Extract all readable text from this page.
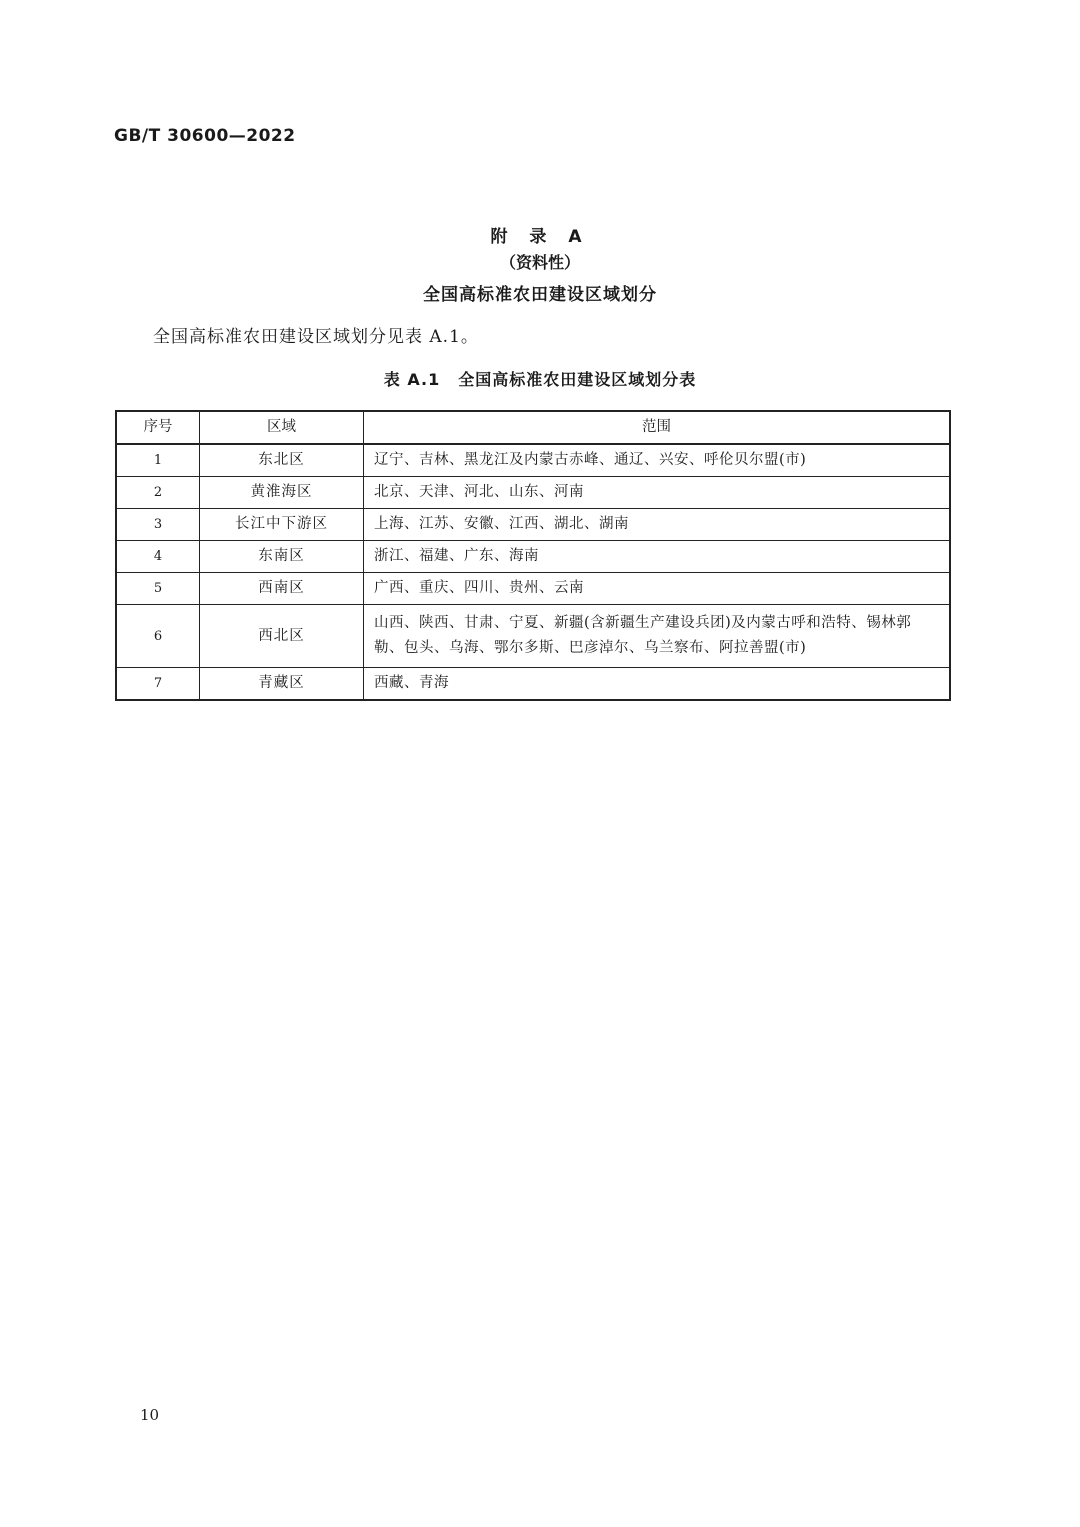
GB/T 30600—2022
附 录 A
（资料性）
全国高标准农田建设区域划分
全国高标准农田建设区域划分见表 A.1。
表 A.1 全国高标准农田建设区域划分表
序号	区域	范围
1	东北区	辽宁、吉林、黑龙江及内蒙古赤峰、通辽、兴安、呼伦贝尔盟(市)
2	黄淮海区	北京、天津、河北、山东、河南
3	长江中下游区	上海、江苏、安徽、江西、湖北、湖南
4	东南区	浙江、福建、广东、海南
5	西南区	广西、重庆、四川、贵州、云南
6	西北区	山西、陕西、甘肃、宁夏、新疆(含新疆生产建设兵团)及内蒙古呼和浩特、锡林郭勒、包头、乌海、鄂尔多斯、巴彦淖尔、乌兰察布、阿拉善盟(市)
7	青藏区	西藏、青海
10
